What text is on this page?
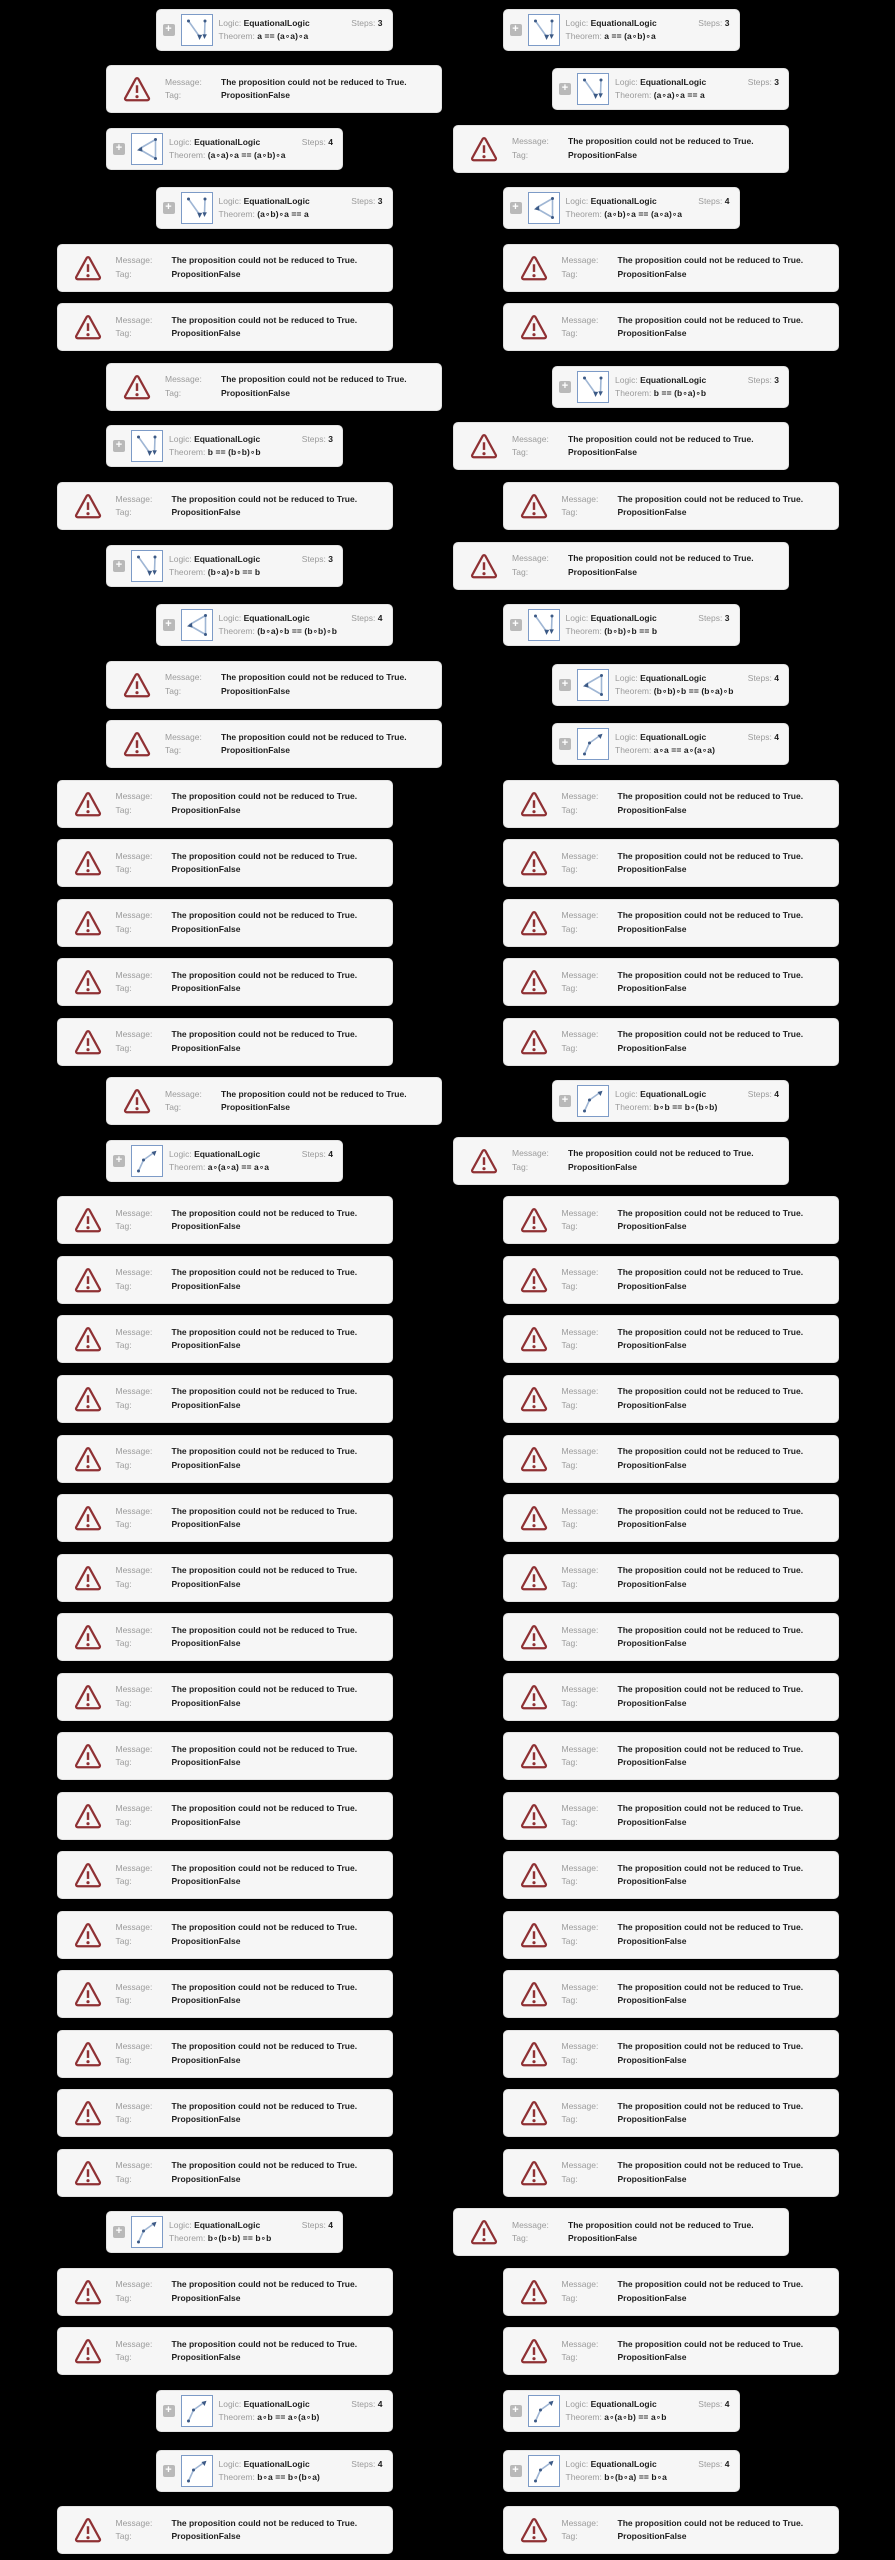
+	Logic: EquationalLogic	Steps: 3
Theorem: a == (a∘a)∘a
+	Logic: EquationalLogic	Steps: 3
Theorem: a == (a∘b)∘a
Message:	The proposition could not be reduced to True.
Tag:	PropositionFalse
+	Logic: EquationalLogic	Steps: 3
Theorem: (a∘a)∘a == a
+	Logic: EquationalLogic	Steps: 4
Theorem: (a∘a)∘a == (a∘b)∘a
Message:	The proposition could not be reduced to True.
Tag:	PropositionFalse
+	Logic: EquationalLogic	Steps: 3
Theorem: (a∘b)∘a == a
+	Logic: EquationalLogic	Steps: 4
Theorem: (a∘b)∘a == (a∘a)∘a
Message:	The proposition could not be reduced to True.
Tag:	PropositionFalse
Message:	The proposition could not be reduced to True.
Tag:	PropositionFalse
Message:	The proposition could not be reduced to True.
Tag:	PropositionFalse
Message:	The proposition could not be reduced to True.
Tag:	PropositionFalse
Message:	The proposition could not be reduced to True.
Tag:	PropositionFalse
+	Logic: EquationalLogic	Steps: 3
Theorem: b == (b∘a)∘b
+	Logic: EquationalLogic	Steps: 3
Theorem: b == (b∘b)∘b
Message:	The proposition could not be reduced to True.
Tag:	PropositionFalse
Message:	The proposition could not be reduced to True.
Tag:	PropositionFalse
Message:	The proposition could not be reduced to True.
Tag:	PropositionFalse
+	Logic: EquationalLogic	Steps: 3
Theorem: (b∘a)∘b == b
Message:	The proposition could not be reduced to True.
Tag:	PropositionFalse
+	Logic: EquationalLogic	Steps: 4
Theorem: (b∘a)∘b == (b∘b)∘b
+	Logic: EquationalLogic	Steps: 3
Theorem: (b∘b)∘b == b
Message:	The proposition could not be reduced to True.
Tag:	PropositionFalse
+	Logic: EquationalLogic	Steps: 4
Theorem: (b∘b)∘b == (b∘a)∘b
Message:	The proposition could not be reduced to True.
Tag:	PropositionFalse
+	Logic: EquationalLogic	Steps: 4
Theorem: a∘a == a∘(a∘a)
Message:	The proposition could not be reduced to True.
Tag:	PropositionFalse
Message:	The proposition could not be reduced to True.
Tag:	PropositionFalse
Message:	The proposition could not be reduced to True.
Tag:	PropositionFalse
Message:	The proposition could not be reduced to True.
Tag:	PropositionFalse
Message:	The proposition could not be reduced to True.
Tag:	PropositionFalse
Message:	The proposition could not be reduced to True.
Tag:	PropositionFalse
Message:	The proposition could not be reduced to True.
Tag:	PropositionFalse
Message:	The proposition could not be reduced to True.
Tag:	PropositionFalse
Message:	The proposition could not be reduced to True.
Tag:	PropositionFalse
Message:	The proposition could not be reduced to True.
Tag:	PropositionFalse
Message:	The proposition could not be reduced to True.
Tag:	PropositionFalse
+	Logic: EquationalLogic	Steps: 4
Theorem: b∘b == b∘(b∘b)
+	Logic: EquationalLogic	Steps: 4
Theorem: a∘(a∘a) == a∘a
Message:	The proposition could not be reduced to True.
Tag:	PropositionFalse
Message:	The proposition could not be reduced to True.
Tag:	PropositionFalse
Message:	The proposition could not be reduced to True.
Tag:	PropositionFalse
Message:	The proposition could not be reduced to True.
Tag:	PropositionFalse
Message:	The proposition could not be reduced to True.
Tag:	PropositionFalse
Message:	The proposition could not be reduced to True.
Tag:	PropositionFalse
Message:	The proposition could not be reduced to True.
Tag:	PropositionFalse
Message:	The proposition could not be reduced to True.
Tag:	PropositionFalse
Message:	The proposition could not be reduced to True.
Tag:	PropositionFalse
Message:	The proposition could not be reduced to True.
Tag:	PropositionFalse
Message:	The proposition could not be reduced to True.
Tag:	PropositionFalse
Message:	The proposition could not be reduced to True.
Tag:	PropositionFalse
Message:	The proposition could not be reduced to True.
Tag:	PropositionFalse
Message:	The proposition could not be reduced to True.
Tag:	PropositionFalse
Message:	The proposition could not be reduced to True.
Tag:	PropositionFalse
Message:	The proposition could not be reduced to True.
Tag:	PropositionFalse
Message:	The proposition could not be reduced to True.
Tag:	PropositionFalse
Message:	The proposition could not be reduced to True.
Tag:	PropositionFalse
Message:	The proposition could not be reduced to True.
Tag:	PropositionFalse
Message:	The proposition could not be reduced to True.
Tag:	PropositionFalse
Message:	The proposition could not be reduced to True.
Tag:	PropositionFalse
Message:	The proposition could not be reduced to True.
Tag:	PropositionFalse
Message:	The proposition could not be reduced to True.
Tag:	PropositionFalse
Message:	The proposition could not be reduced to True.
Tag:	PropositionFalse
Message:	The proposition could not be reduced to True.
Tag:	PropositionFalse
Message:	The proposition could not be reduced to True.
Tag:	PropositionFalse
Message:	The proposition could not be reduced to True.
Tag:	PropositionFalse
Message:	The proposition could not be reduced to True.
Tag:	PropositionFalse
Message:	The proposition could not be reduced to True.
Tag:	PropositionFalse
Message:	The proposition could not be reduced to True.
Tag:	PropositionFalse
Message:	The proposition could not be reduced to True.
Tag:	PropositionFalse
Message:	The proposition could not be reduced to True.
Tag:	PropositionFalse
Message:	The proposition could not be reduced to True.
Tag:	PropositionFalse
Message:	The proposition could not be reduced to True.
Tag:	PropositionFalse
Message:	The proposition could not be reduced to True.
Tag:	PropositionFalse
+	Logic: EquationalLogic	Steps: 4
Theorem: b∘(b∘b) == b∘b
Message:	The proposition could not be reduced to True.
Tag:	PropositionFalse
Message:	The proposition could not be reduced to True.
Tag:	PropositionFalse
Message:	The proposition could not be reduced to True.
Tag:	PropositionFalse
Message:	The proposition could not be reduced to True.
Tag:	PropositionFalse
Message:	The proposition could not be reduced to True.
Tag:	PropositionFalse
+	Logic: EquationalLogic	Steps: 4
Theorem: a∘b == a∘(a∘b)
+	Logic: EquationalLogic	Steps: 4
Theorem: a∘(a∘b) == a∘b
+	Logic: EquationalLogic	Steps: 4
Theorem: b∘a == b∘(b∘a)
+	Logic: EquationalLogic	Steps: 4
Theorem: b∘(b∘a) == b∘a
Message:	The proposition could not be reduced to True.
Tag:	PropositionFalse
Message:	The proposition could not be reduced to True.
Tag:	PropositionFalse
